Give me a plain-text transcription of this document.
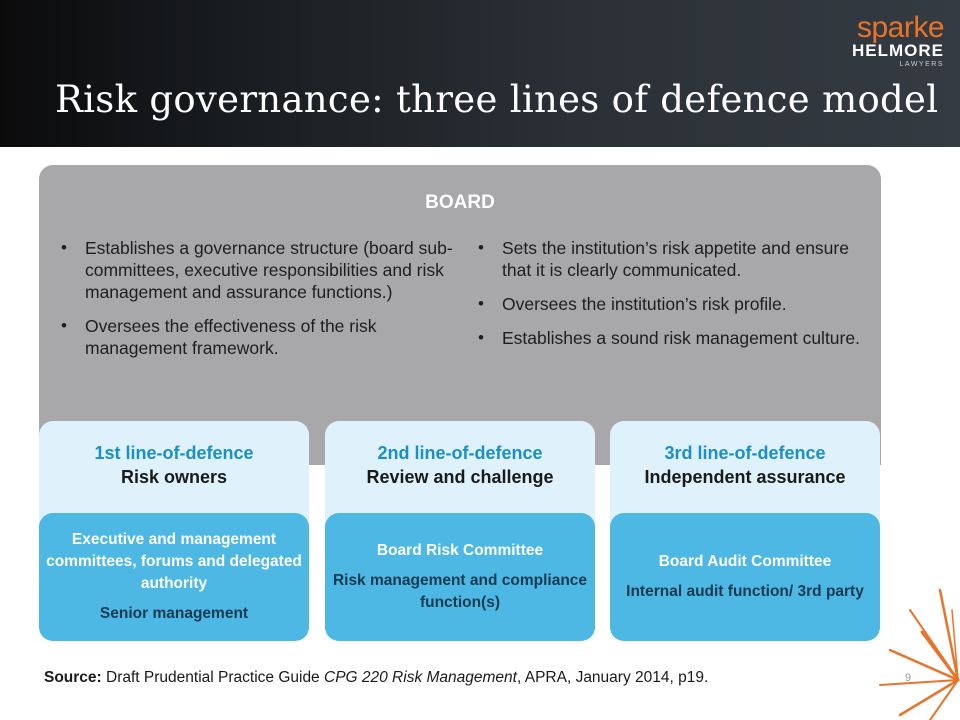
sparke
HELMORE
LAWYERS
Risk governance: three lines of defence model
BOARD
• Establishes a governance structure (board sub-committees, executive responsibilities and risk management and assurance functions.)
• Oversees the effectiveness of the risk management framework.
• Sets the institution’s risk appetite and ensure that it is clearly communicated.
• Oversees the institution’s risk profile.
• Establishes a sound risk management culture.
1st line-of-defence
Risk owners
Executive and management committees, forums and delegated authority
Senior management
2nd line-of-defence
Review and challenge
Board Risk Committee
Risk management and compliance function(s)
3rd line-of-defence
Independent assurance
Board Audit Committee
Internal audit function/ 3rd party
Source: Draft Prudential Practice Guide CPG 220 Risk Management, APRA, January 2014, p19.	9
